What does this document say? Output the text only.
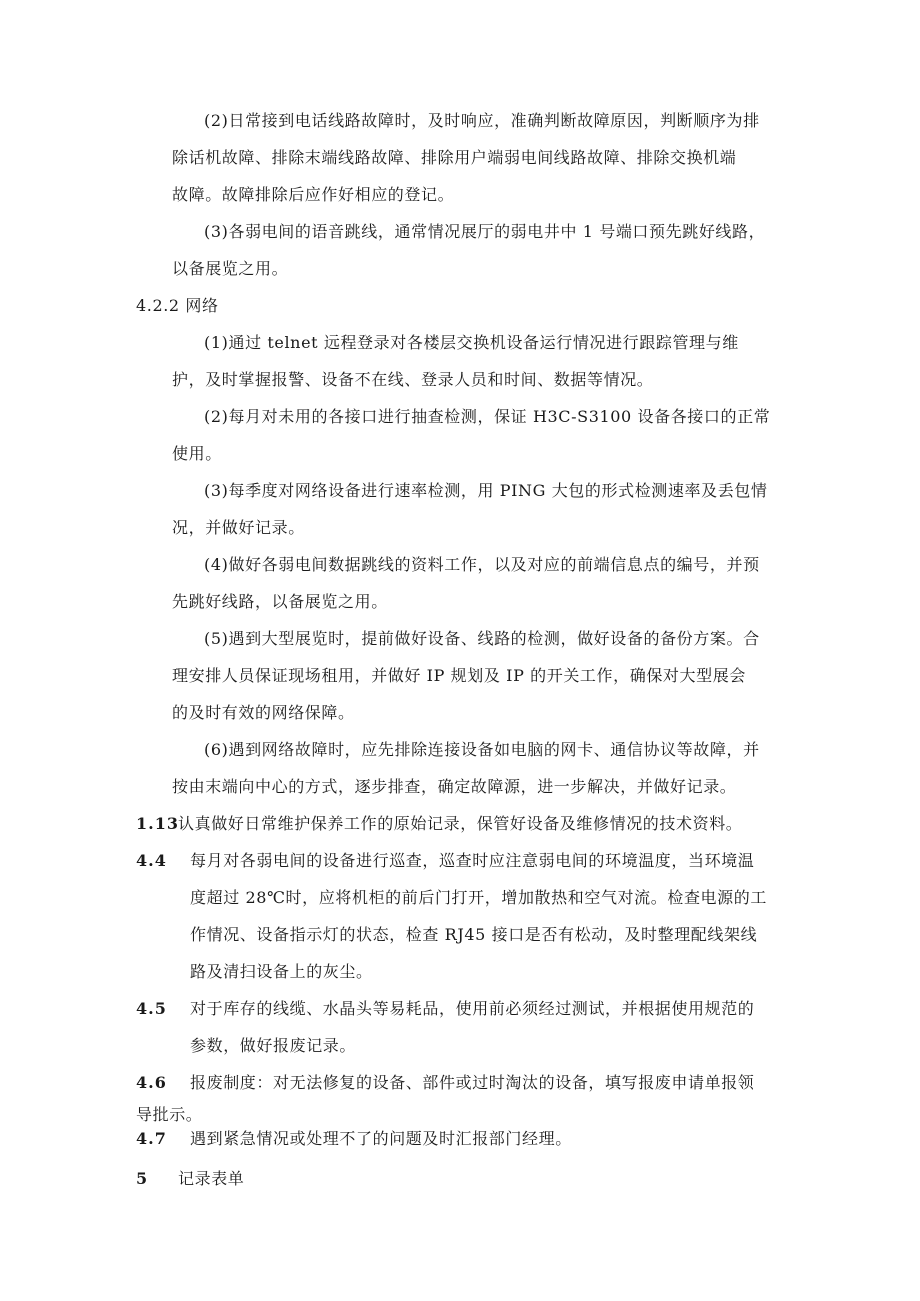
(2)日常接到电话线路故障时，及时响应，准确判断故障原因，判断顺序为排
除话机故障、排除末端线路故障、排除用户端弱电间线路故障、排除交换机端
故障。故障排除后应作好相应的登记。
(3)各弱电间的语音跳线，通常情况展厅的弱电井中 1 号端口预先跳好线路，
以备展览之用。
4.2.2 网络
(1)通过 telnet 远程登录对各楼层交换机设备运行情况进行跟踪管理与维
护，及时掌握报警、设备不在线、登录人员和时间、数据等情况。
(2)每月对未用的各接口进行抽查检测，保证 H3C-S3100 设备各接口的正常
使用。
(3)每季度对网络设备进行速率检测，用 PING 大包的形式检测速率及丢包情
况，并做好记录。
(4)做好各弱电间数据跳线的资料工作，以及对应的前端信息点的编号，并预
先跳好线路，以备展览之用。
(5)遇到大型展览时，提前做好设备、线路的检测，做好设备的备份方案。合
理安排人员保证现场租用，并做好 IP 规划及 IP 的开关工作，确保对大型展会
的及时有效的网络保障。
(6)遇到网络故障时，应先排除连接设备如电脑的网卡、通信协议等故障，并
按由末端向中心的方式，逐步排查，确定故障源，进一步解决，并做好记录。
1.13 认真做好日常维护保养工作的原始记录，保管好设备及维修情况的技术资料。
4.4 每月对各弱电间的设备进行巡查，巡查时应注意弱电间的环境温度，当环境温
度超过 28℃时，应将机柜的前后门打开，增加散热和空气对流。检查电源的工
作情况、设备指示灯的状态，检查 RJ45 接口是否有松动，及时整理配线架线
路及清扫设备上的灰尘。
4.5 对于库存的线缆、水晶头等易耗品，使用前必须经过测试，并根据使用规范的
参数，做好报废记录。
4.6 报废制度：对无法修复的设备、部件或过时淘汰的设备，填写报废申请单报领
导批示。
4.7 遇到紧急情况或处理不了的问题及时汇报部门经理。
5 记录表单
